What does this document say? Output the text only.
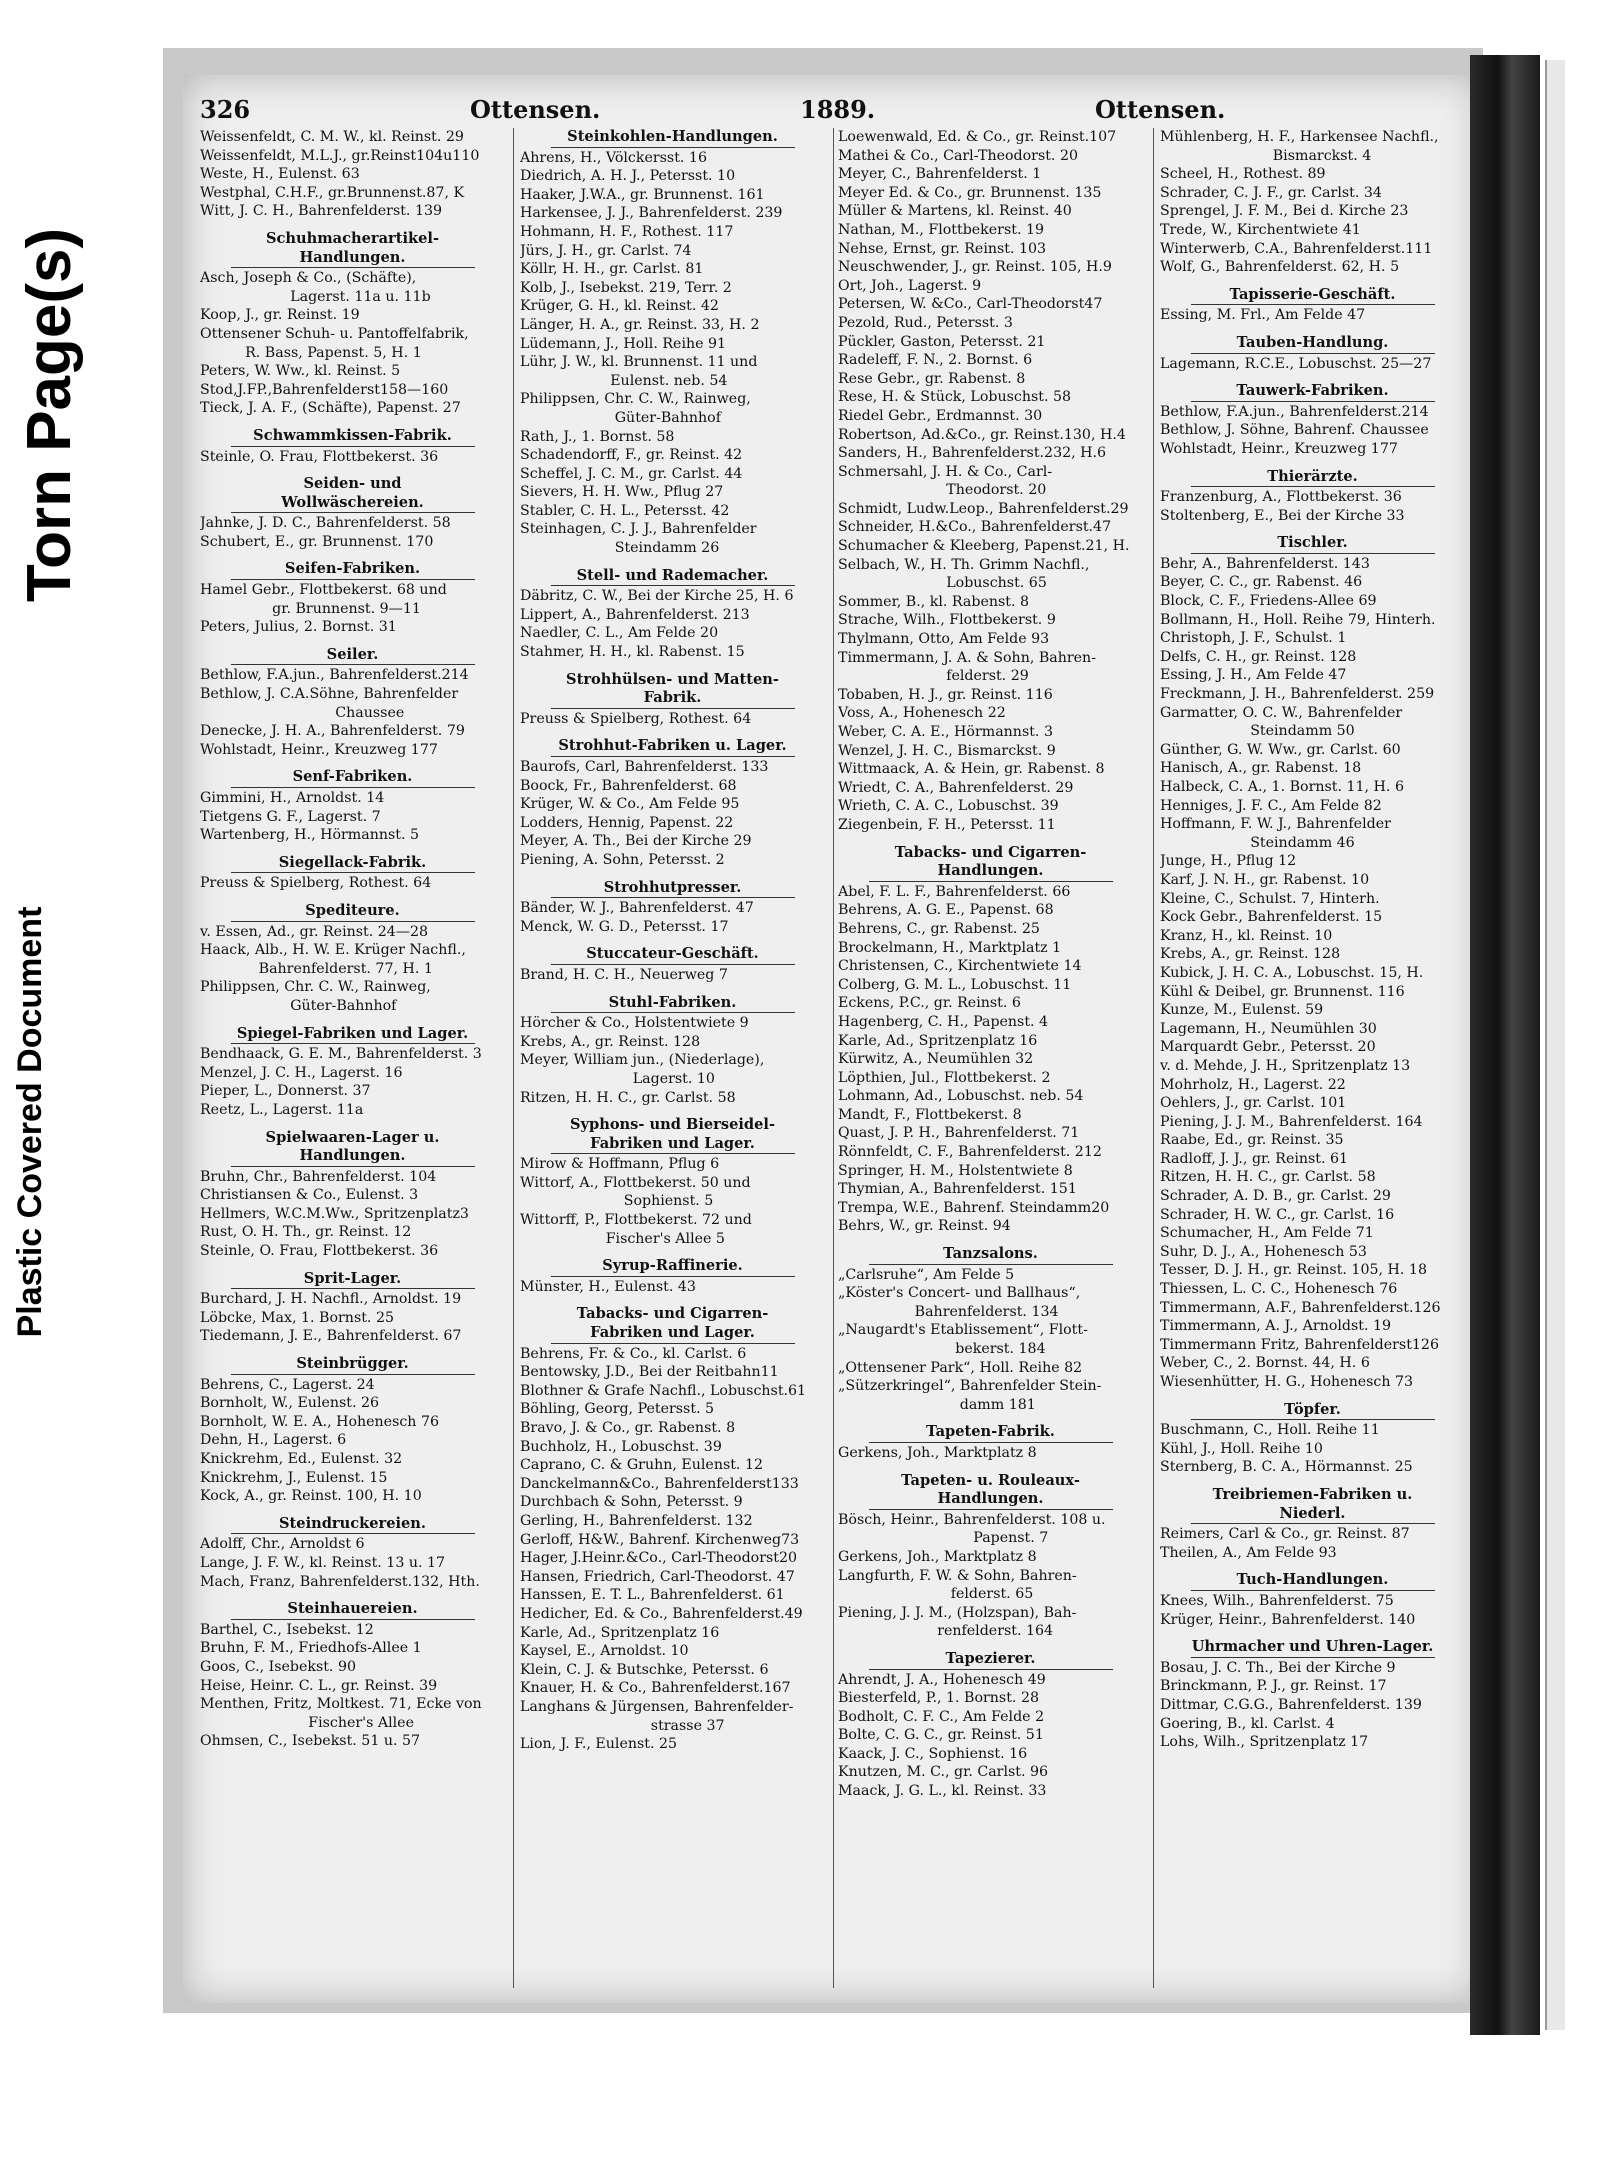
Torn Page(s)
Plastic Covered Document
326	Ottensen.	1889.	Ottensen.
Weissenfeldt, C. M. W., kl. Reinst. 29
Weissenfeldt, M.L.J., gr.Reinst104u110
Weste, H., Eulenst. 63
Westphal, C.H.F., gr.Brunnenst.87, K
Witt, J. C. H., Bahrenfelderst. 139
Schuhmacherartikel-Handlungen.
Asch, Joseph & Co., (Schäfte),
Lagerst. 11a u. 11b
Koop, J., gr. Reinst. 19
Ottensener Schuh- u. Pantoffelfabrik,
R. Bass, Papenst. 5, H. 1
Peters, W. Ww., kl. Reinst. 5
Stod,J.FP.,Bahrenfelderst158—160
Tieck, J. A. F., (Schäfte), Papenst. 27
Schwammkissen-Fabrik.
Steinle, O. Frau, Flottbekerst. 36
Seiden- und Wollwäschereien.
Jahnke, J. D. C., Bahrenfelderst. 58
Schubert, E., gr. Brunnenst. 170
Seifen-Fabriken.
Hamel Gebr., Flottbekerst. 68 und
gr. Brunnenst. 9—11
Peters, Julius, 2. Bornst. 31
Seiler.
Bethlow, F.A.jun., Bahrenfelderst.214
Bethlow, J. C.A.Söhne, Bahrenfelder
Chaussee
Denecke, J. H. A., Bahrenfelderst. 79
Wohlstadt, Heinr., Kreuzweg 177
Senf-Fabriken.
Gimmini, H., Arnoldst. 14
Tietgens G. F., Lagerst. 7
Wartenberg, H., Hörmannst. 5
Siegellack-Fabrik.
Preuss & Spielberg, Rothest. 64
Spediteure.
v. Essen, Ad., gr. Reinst. 24—28
Haack, Alb., H. W. E. Krüger Nachfl.,
Bahrenfelderst. 77, H. 1
Philippsen, Chr. C. W., Rainweg,
Güter-Bahnhof
Spiegel-Fabriken und Lager.
Bendhaack, G. E. M., Bahrenfelderst. 3
Menzel, J. C. H., Lagerst. 16
Pieper, L., Donnerst. 37
Reetz, L., Lagerst. 11a
Spielwaaren-Lager u. Handlungen.
Bruhn, Chr., Bahrenfelderst. 104
Christiansen & Co., Eulenst. 3
Hellmers, W.C.M.Ww., Spritzenplatz3
Rust, O. H. Th., gr. Reinst. 12
Steinle, O. Frau, Flottbekerst. 36
Sprit-Lager.
Burchard, J. H. Nachfl., Arnoldst. 19
Löbcke, Max, 1. Bornst. 25
Tiedemann, J. E., Bahrenfelderst. 67
Steinbrügger.
Behrens, C., Lagerst. 24
Bornholt, W., Eulenst. 26
Bornholt, W. E. A., Hohenesch 76
Dehn, H., Lagerst. 6
Knickrehm, Ed., Eulenst. 32
Knickrehm, J., Eulenst. 15
Kock, A., gr. Reinst. 100, H. 10
Steindruckereien.
Adolff, Chr., Arnoldst 6
Lange, J. F. W., kl. Reinst. 13 u. 17
Mach, Franz, Bahrenfelderst.132, Hth.
Steinhauereien.
Barthel, C., Isebekst. 12
Bruhn, F. M., Friedhofs-Allee 1
Goos, C., Isebekst. 90
Heise, Heinr. C. L., gr. Reinst. 39
Menthen, Fritz, Moltkest. 71, Ecke von
Fischer's Allee
Ohmsen, C., Isebekst. 51 u. 57
Steinkohlen-Handlungen.
Ahrens, H., Völckersst. 16
Diedrich, A. H. J., Petersst. 10
Haaker, J.W.A., gr. Brunnenst. 161
Harkensee, J. J., Bahrenfelderst. 239
Hohmann, H. F., Rothest. 117
Jürs, J. H., gr. Carlst. 74
Köllr, H. H., gr. Carlst. 81
Kolb, J., Isebekst. 219, Terr. 2
Krüger, G. H., kl. Reinst. 42
Länger, H. A., gr. Reinst. 33, H. 2
Lüdemann, J., Holl. Reihe 91
Lühr, J. W., kl. Brunnenst. 11 und
Eulenst. neb. 54
Philippsen, Chr. C. W., Rainweg,
Güter-Bahnhof
Rath, J., 1. Bornst. 58
Schadendorff, F., gr. Reinst. 42
Scheffel, J. C. M., gr. Carlst. 44
Sievers, H. H. Ww., Pflug 27
Stabler, C. H. L., Petersst. 42
Steinhagen, C. J. J., Bahrenfelder
Steindamm 26
Stell- und Rademacher.
Däbritz, C. W., Bei der Kirche 25, H. 6
Lippert, A., Bahrenfelderst. 213
Naedler, C. L., Am Felde 20
Stahmer, H. H., kl. Rabenst. 15
Strohhülsen- und Matten-Fabrik.
Preuss & Spielberg, Rothest. 64
Strohhut-Fabriken u. Lager.
Baurofs, Carl, Bahrenfelderst. 133
Boock, Fr., Bahrenfelderst. 68
Krüger, W. & Co., Am Felde 95
Lodders, Hennig, Papenst. 22
Meyer, A. Th., Bei der Kirche 29
Piening, A. Sohn, Petersst. 2
Strohhutpresser.
Bänder, W. J., Bahrenfelderst. 47
Menck, W. G. D., Petersst. 17
Stuccateur-Geschäft.
Brand, H. C. H., Neuerweg 7
Stuhl-Fabriken.
Hörcher & Co., Holstentwiete 9
Krebs, A., gr. Reinst. 128
Meyer, William jun., (Niederlage),
Lagerst. 10
Ritzen, H. H. C., gr. Carlst. 58
Syphons- und Bierseidel-Fabriken und Lager.
Mirow & Hoffmann, Pflug 6
Wittorf, A., Flottbekerst. 50 und
Sophienst. 5
Wittorff, P., Flottbekerst. 72 und
Fischer's Allee 5
Syrup-Raffinerie.
Münster, H., Eulenst. 43
Tabacks- und Cigarren-Fabriken und Lager.
Behrens, Fr. & Co., kl. Carlst. 6
Bentowsky, J.D., Bei der Reitbahn11
Blothner & Grafe Nachfl., Lobuschst.61
Böhling, Georg, Petersst. 5
Bravo, J. & Co., gr. Rabenst. 8
Buchholz, H., Lobuschst. 39
Caprano, C. & Gruhn, Eulenst. 12
Danckelmann&Co., Bahrenfelderst133
Durchbach & Sohn, Petersst. 9
Gerling, H., Bahrenfelderst. 132
Gerloff, H&W., Bahrenf. Kirchenweg73
Hager, J.Heinr.&Co., Carl-Theodorst20
Hansen, Friedrich, Carl-Theodorst. 47
Hanssen, E. T. L., Bahrenfelderst. 61
Hedicher, Ed. & Co., Bahrenfelderst.49
Karle, Ad., Spritzenplatz 16
Kaysel, E., Arnoldst. 10
Klein, C. J. & Butschke, Petersst. 6
Knauer, H. & Co., Bahrenfelderst.167
Langhans & Jürgensen, Bahrenfelder-
strasse 37
Lion, J. F., Eulenst. 25
Loewenwald, Ed. & Co., gr. Reinst.107
Mathei & Co., Carl-Theodorst. 20
Meyer, C., Bahrenfelderst. 1
Meyer Ed. & Co., gr. Brunnenst. 135
Müller & Martens, kl. Reinst. 40
Nathan, M., Flottbekerst. 19
Nehse, Ernst, gr. Reinst. 103
Neuschwender, J., gr. Reinst. 105, H.9
Ort, Joh., Lagerst. 9
Petersen, W. &Co., Carl-Theodorst47
Pezold, Rud., Petersst. 3
Pückler, Gaston, Petersst. 21
Radeleff, F. N., 2. Bornst. 6
Rese Gebr., gr. Rabenst. 8
Rese, H. & Stück, Lobuschst. 58
Riedel Gebr., Erdmannst. 30
Robertson, Ad.&Co., gr. Reinst.130, H.4
Sanders, H., Bahrenfelderst.232, H.6
Schmersahl, J. H. & Co., Carl-
Theodorst. 20
Schmidt, Ludw.Leop., Bahrenfelderst.29
Schneider, H.&Co., Bahrenfelderst.47
Schumacher & Kleeberg, Papenst.21, H.
Selbach, W., H. Th. Grimm Nachfl.,
Lobuschst. 65
Sommer, B., kl. Rabenst. 8
Strache, Wilh., Flottbekerst. 9
Thylmann, Otto, Am Felde 93
Timmermann, J. A. & Sohn, Bahren-
felderst. 29
Tobaben, H. J., gr. Reinst. 116
Voss, A., Hohenesch 22
Weber, C. A. E., Hörmannst. 3
Wenzel, J. H. C., Bismarckst. 9
Wittmaack, A. & Hein, gr. Rabenst. 8
Wriedt, C. A., Bahrenfelderst. 29
Wrieth, C. A. C., Lobuschst. 39
Ziegenbein, F. H., Petersst. 11
Tabacks- und Cigarren-Handlungen.
Abel, F. L. F., Bahrenfelderst. 66
Behrens, A. G. E., Papenst. 68
Behrens, C., gr. Rabenst. 25
Brockelmann, H., Marktplatz 1
Christensen, C., Kirchentwiete 14
Colberg, G. M. L., Lobuschst. 11
Eckens, P.C., gr. Reinst. 6
Hagenberg, C. H., Papenst. 4
Karle, Ad., Spritzenplatz 16
Kürwitz, A., Neumühlen 32
Löpthien, Jul., Flottbekerst. 2
Lohmann, Ad., Lobuschst. neb. 54
Mandt, F., Flottbekerst. 8
Quast, J. P. H., Bahrenfelderst. 71
Rönnfeldt, C. F., Bahrenfelderst. 212
Springer, H. M., Holstentwiete 8
Thymian, A., Bahrenfelderst. 151
Trempa, W.E., Bahrenf. Steindamm20
Behrs, W., gr. Reinst. 94
Tanzsalons.
„Carlsruhe“, Am Felde 5
„Köster's Concert- und Ballhaus“,
Bahrenfelderst. 134
„Naugardt's Etablissement“, Flott-
bekerst. 184
„Ottensener Park“, Holl. Reihe 82
„Sützerkringel“, Bahrenfelder Stein-
damm 181
Tapeten-Fabrik.
Gerkens, Joh., Marktplatz 8
Tapeten- u. Rouleaux-Handlungen.
Bösch, Heinr., Bahrenfelderst. 108 u.
Papenst. 7
Gerkens, Joh., Marktplatz 8
Langfurth, F. W. & Sohn, Bahren-
felderst. 65
Piening, J. J. M., (Holzspan), Bah-
renfelderst. 164
Tapezierer.
Ahrendt, J. A., Hohenesch 49
Biesterfeld, P., 1. Bornst. 28
Bodholt, C. F. C., Am Felde 2
Bolte, C. G. C., gr. Reinst. 51
Kaack, J. C., Sophienst. 16
Knutzen, M. C., gr. Carlst. 96
Maack, J. G. L., kl. Reinst. 33
Mühlenberg, H. F., Harkensee Nachfl.,
Bismarckst. 4
Scheel, H., Rothest. 89
Schrader, C. J. F., gr. Carlst. 34
Sprengel, J. F. M., Bei d. Kirche 23
Trede, W., Kirchentwiete 41
Winterwerb, C.A., Bahrenfelderst.111
Wolf, G., Bahrenfelderst. 62, H. 5
Tapisserie-Geschäft.
Essing, M. Frl., Am Felde 47
Tauben-Handlung.
Lagemann, R.C.E., Lobuschst. 25—27
Tauwerk-Fabriken.
Bethlow, F.A.jun., Bahrenfelderst.214
Bethlow, J. Söhne, Bahrenf. Chaussee
Wohlstadt, Heinr., Kreuzweg 177
Thierärzte.
Franzenburg, A., Flottbekerst. 36
Stoltenberg, E., Bei der Kirche 33
Tischler.
Behr, A., Bahrenfelderst. 143
Beyer, C. C., gr. Rabenst. 46
Block, C. F., Friedens-Allee 69
Bollmann, H., Holl. Reihe 79, Hinterh.
Christoph, J. F., Schulst. 1
Delfs, C. H., gr. Reinst. 128
Essing, J. H., Am Felde 47
Freckmann, J. H., Bahrenfelderst. 259
Garmatter, O. C. W., Bahrenfelder
Steindamm 50
Günther, G. W. Ww., gr. Carlst. 60
Hanisch, A., gr. Rabenst. 18
Halbeck, C. A., 1. Bornst. 11, H. 6
Henniges, J. F. C., Am Felde 82
Hoffmann, F. W. J., Bahrenfelder
Steindamm 46
Junge, H., Pflug 12
Karf, J. N. H., gr. Rabenst. 10
Kleine, C., Schulst. 7, Hinterh.
Kock Gebr., Bahrenfelderst. 15
Kranz, H., kl. Reinst. 10
Krebs, A., gr. Reinst. 128
Kubick, J. H. C. A., Lobuschst. 15, H.
Kühl & Deibel, gr. Brunnenst. 116
Kunze, M., Eulenst. 59
Lagemann, H., Neumühlen 30
Marquardt Gebr., Petersst. 20
v. d. Mehde, J. H., Spritzenplatz 13
Mohrholz, H., Lagerst. 22
Oehlers, J., gr. Carlst. 101
Piening, J. J. M., Bahrenfelderst. 164
Raabe, Ed., gr. Reinst. 35
Radloff, J. J., gr. Reinst. 61
Ritzen, H. H. C., gr. Carlst. 58
Schrader, A. D. B., gr. Carlst. 29
Schrader, H. W. C., gr. Carlst. 16
Schumacher, H., Am Felde 71
Suhr, D. J., A., Hohenesch 53
Tesser, D. J. H., gr. Reinst. 105, H. 18
Thiessen, L. C. C., Hohenesch 76
Timmermann, A.F., Bahrenfelderst.126
Timmermann, A. J., Arnoldst. 19
Timmermann Fritz, Bahrenfelderst126
Weber, C., 2. Bornst. 44, H. 6
Wiesenhütter, H. G., Hohenesch 73
Töpfer.
Buschmann, C., Holl. Reihe 11
Kühl, J., Holl. Reihe 10
Sternberg, B. C. A., Hörmannst. 25
Treibriemen-Fabriken u. Niederl.
Reimers, Carl & Co., gr. Reinst. 87
Theilen, A., Am Felde 93
Tuch-Handlungen.
Knees, Wilh., Bahrenfelderst. 75
Krüger, Heinr., Bahrenfelderst. 140
Uhrmacher und Uhren-Lager.
Bosau, J. C. Th., Bei der Kirche 9
Brinckmann, P. J., gr. Reinst. 17
Dittmar, C.G.G., Bahrenfelderst. 139
Goering, B., kl. Carlst. 4
Lohs, Wilh., Spritzenplatz 17
